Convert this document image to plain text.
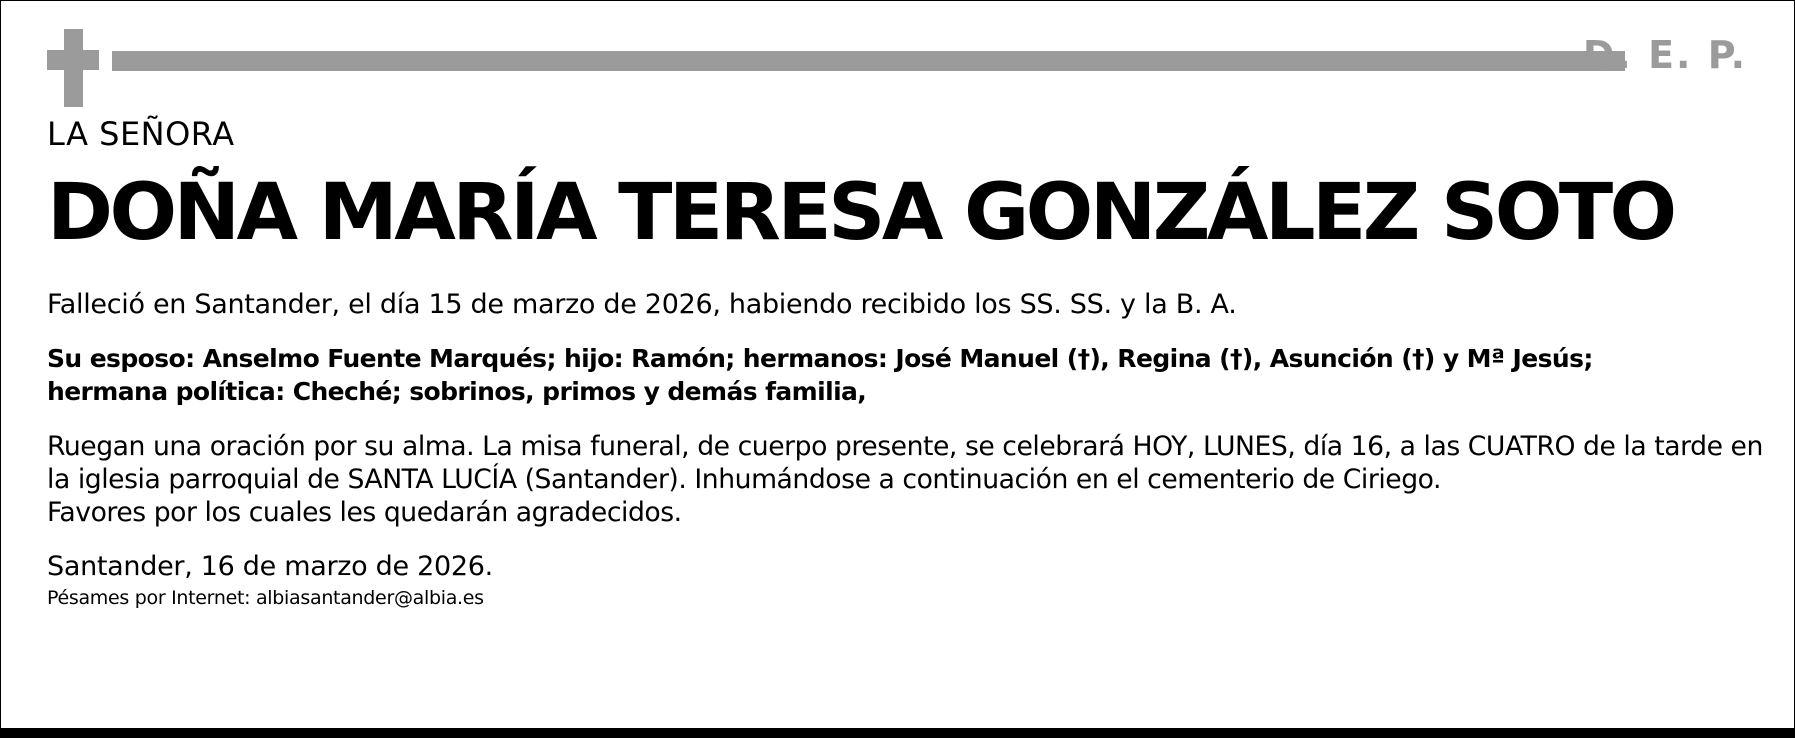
D. E. P.
LA SEÑORA
DOÑA MARÍA TERESA GONZÁLEZ SOTO
Falleció en Santander, el día 15 de marzo de 2026, habiendo recibido los SS. SS. y la B. A.
Su esposo: Anselmo Fuente Marqués; hijo: Ramón; hermanos: José Manuel (†), Regina (†), Asunción (†) y Mª Jesús;
hermana política: Cheché; sobrinos, primos y demás familia,
Ruegan una oración por su alma. La misa funeral, de cuerpo presente, se celebrará HOY, LUNES, día 16, a las CUATRO de la tarde en
la iglesia parroquial de SANTA LUCÍA (Santander). Inhumándose a continuación en el cementerio de Ciriego.
Favores por los cuales les quedarán agradecidos.
Santander, 16 de marzo de 2026.
Pésames por Internet: albiasantander@albia.es
